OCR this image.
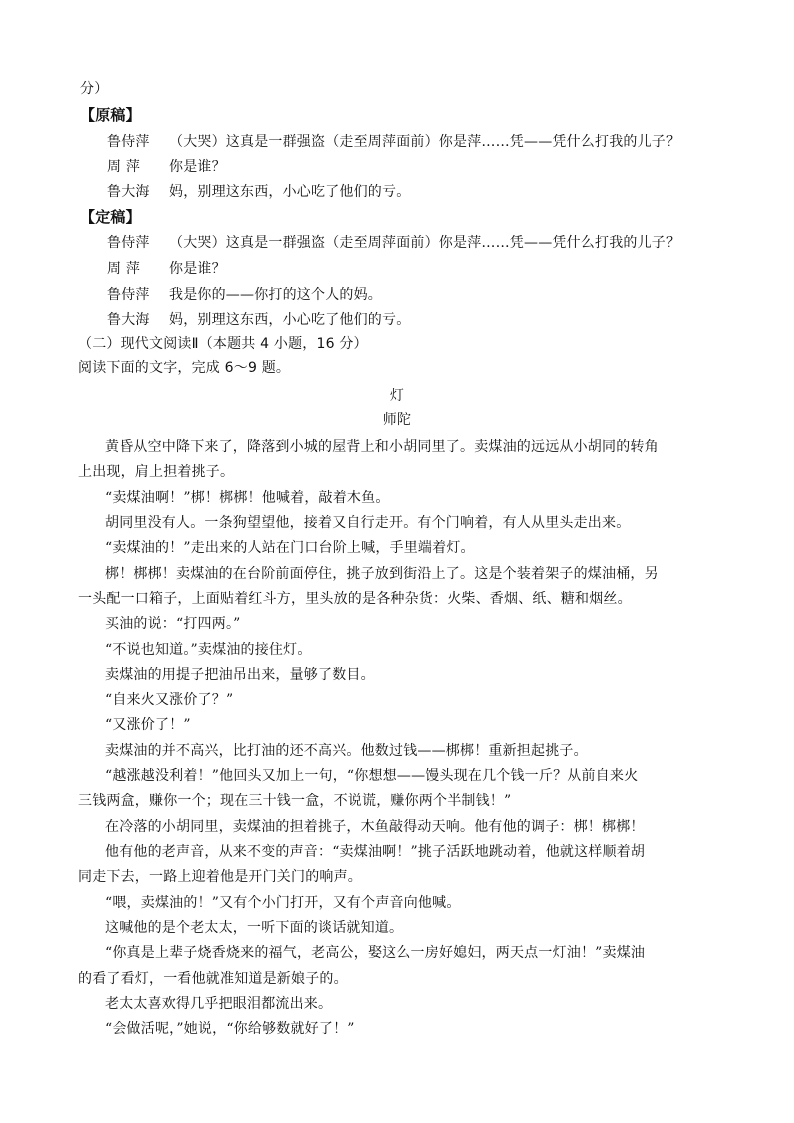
分）
【原稿】
鲁侍萍 （大哭）这真是一群强盗（走至周萍面前）你是萍……凭——凭什么打我的儿子？
周 萍 你是谁？
鲁大海 妈，别理这东西，小心吃了他们的亏。
【定稿】
鲁侍萍 （大哭）这真是一群强盗（走至周萍面前）你是萍……凭——凭什么打我的儿子？
周 萍 你是谁？
鲁侍萍 我是你的——你打的这个人的妈。
鲁大海 妈，别理这东西，小心吃了他们的亏。
（二）现代文阅读Ⅱ（本题共 4 小题，16 分）
阅读下面的文字，完成 6～9 题。
灯
师陀
黄昏从空中降下来了，降落到小城的屋背上和小胡同里了。卖煤油的远远从小胡同的转角
上出现，肩上担着挑子。
“卖煤油啊！”梆！梆梆！他喊着，敲着木鱼。
胡同里没有人。一条狗望望他，接着又自行走开。有个门响着，有人从里头走出来。
“卖煤油的！”走出来的人站在门口台阶上喊，手里端着灯。
梆！梆梆！卖煤油的在台阶前面停住，挑子放到街沿上了。这是个装着架子的煤油桶，另
一头配一口箱子，上面贴着红斗方，里头放的是各种杂货：火柴、香烟、纸、糖和烟丝。
买油的说：“打四两。”
“不说也知道。”卖煤油的接住灯。
卖煤油的用提子把油吊出来，量够了数目。
“自来火又涨价了？”
“又涨价了！”
卖煤油的并不高兴，比打油的还不高兴。他数过钱——梆梆！重新担起挑子。
“越涨越没利着！”他回头又加上一句，“你想想——馒头现在几个钱一斤？从前自来火
三钱两盒，赚你一个；现在三十钱一盒，不说谎，赚你两个半制钱！”
在冷落的小胡同里，卖煤油的担着挑子，木鱼敲得动天响。他有他的调子：梆！梆梆！
他有他的老声音，从来不变的声音：“卖煤油啊！”挑子活跃地跳动着，他就这样顺着胡
同走下去，一路上迎着他是开门关门的响声。
“喂，卖煤油的！”又有个小门打开，又有个声音向他喊。
这喊他的是个老太太，一听下面的谈话就知道。
“你真是上辈子烧香烧来的福气，老高公，娶这么一房好媳妇，两天点一灯油！”卖煤油
的看了看灯，一看他就准知道是新娘子的。
老太太喜欢得几乎把眼泪都流出来。
“会做活呢，”她说，“你给够数就好了！”
